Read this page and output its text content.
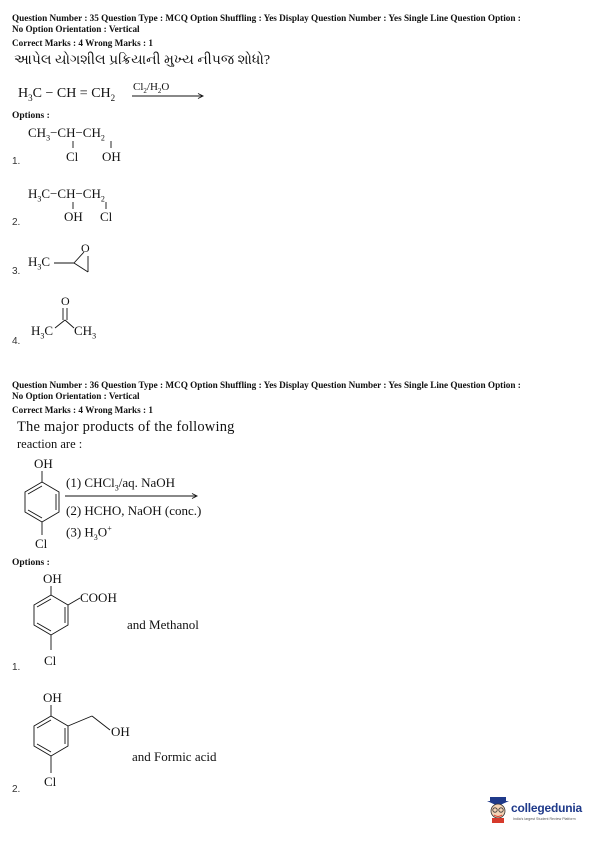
Question Number : 35 Question Type : MCQ Option Shuffling : Yes Display Question Number : Yes Single Line Question Option :
No Option Orientation : Vertical
Correct Marks : 4 Wrong Marks : 1
આપેલ યોગશીલ પ્રક્રિયાની મુખ્ય નીપજ શોધો?
$H_3C$ − CH = $CH_2$
$Cl_2/H_2O$
Options :
1.
$CH_3-CH-CH_2$
Cl OH
2.
$H_3C-CH-CH_2$
OH Cl
3.
$H_3C$
O
4.
O
$H_3C$ $CH_3$
Question Number : 36 Question Type : MCQ Option Shuffling : Yes Display Question Number : Yes Single Line Question Option :
No Option Orientation : Vertical
Correct Marks : 4 Wrong Marks : 1
The major products of the following
reaction are :
OH
Cl
(1) CHCl$_3$/aq. NaOH
(2) HCHO, NaOH (conc.)
(3) $H_3O^+$
Options :
1.
OH
COOH
Cl
and Methanol
2.
OH
OH
Cl
and Formic acid
collegedunia
India's largest Student Review Platform
